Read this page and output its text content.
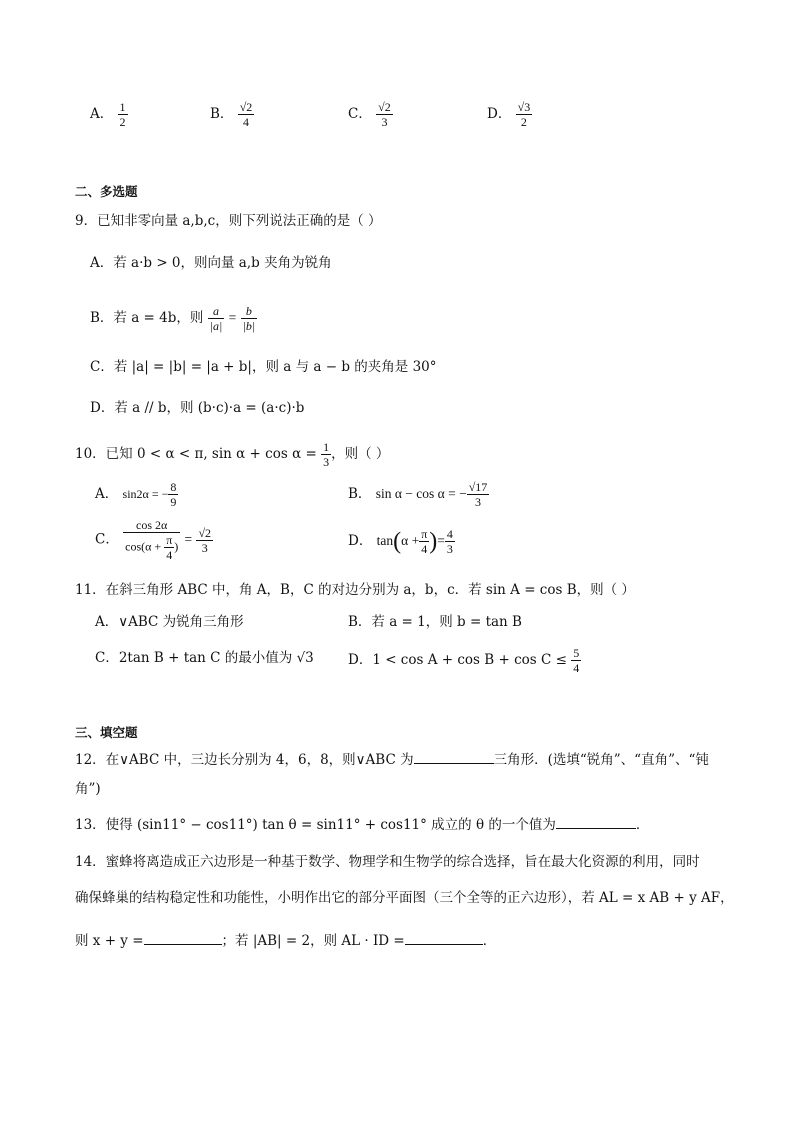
A． $\frac{1}{2}$	B． $\frac{√2}{4}$	C． $\frac{√2}{3}$	D． $\frac{√3}{2}$
二、多选题
9．已知非零向量 a,b,c，则下列说法正确的是（ ）
A．若 a·b > 0，则向量 a,b 夹角为锐角
B．若 a = 4b，则 $\frac{a}{|a|} = \frac{b}{|b|}$
C．若 |a| = |b| = |a + b|，则 a 与 a − b 的夹角是 30°
D．若 a // b，则 (b·c)·a = (a·c)·b
10．已知 0 < α < π, $\sin \alpha + \cos \alpha = \frac{1}{3}$ ，则（ ）
A． sin2α = − $\frac{8}{9}$	B． sin α − cos α = − $\frac{√17}{3}$
C． $\frac{\cos 2\alpha}{\cos(\alpha + \frac{\pi}{4} )} = \frac{√2}{3}$	D． $\tan(\alpha + \frac{\pi}{4}$ )= $\frac{4}{3}$
11．在斜三角形 ABC 中，角 A，B，C 的对边分别为 a，b，c．若 sin A = cos B，则（ ）
A．∨ABC 为锐角三角形	B．若 a = 1，则 b = tan B
C．2tan B + tan C 的最小值为 √3	D．$1 < \cos A + \cos B + \cos C \le \frac{5}{4}$
三、填空题
12．在∨ABC 中，三边长分别为 4，6，8，则∨ABC 为	三角形．(选填“锐角”、“直角”、“钝
角”)
13．使得 (sin11° − cos11°) tan θ = sin11° + cos11° 成立的 θ 的一个值为	．
14．蜜蜂将离造成正六边形是一种基于数学、物理学和生物学的综合选择，旨在最大化资源的利用，同时
确保蜂巢的结构稳定性和功能性，小明作出它的部分平面图（三个全等的正六边形），若 AL = x AB + y AF，
则 x + y =	；若 |AB| = 2，则 AL · ID =	．
